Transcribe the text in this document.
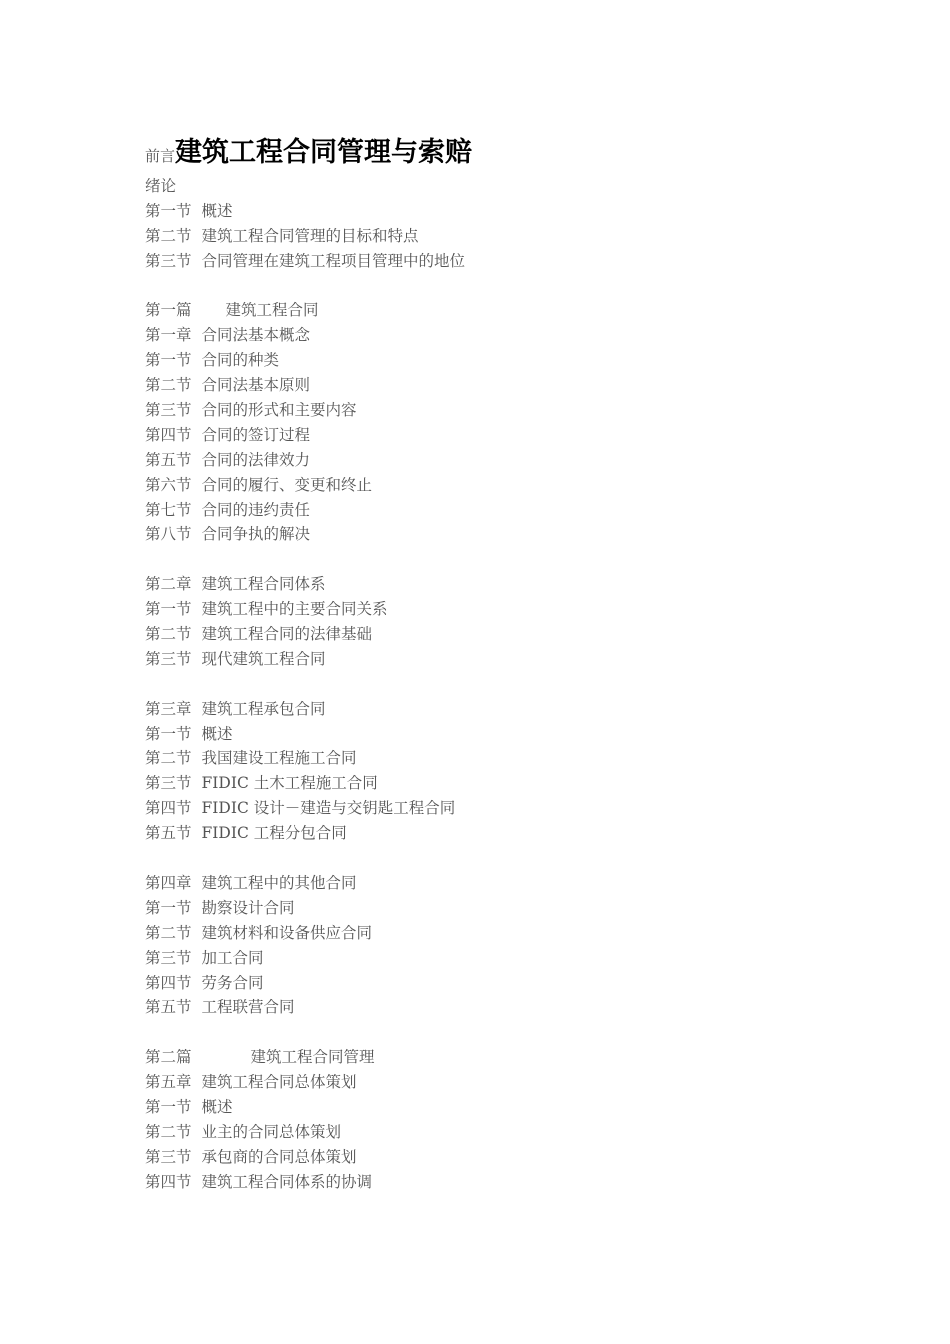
前言 建筑工程合同管理与索赔
绪论
第一节 概述
第二节 建筑工程合同管理的目标和特点
第三节 合同管理在建筑工程项目管理中的地位
第一篇 建筑工程合同
第一章 合同法基本概念
第一节 合同的种类
第二节 合同法基本原则
第三节 合同的形式和主要内容
第四节 合同的签订过程
第五节 合同的法律效力
第六节 合同的履行、变更和终止
第七节 合同的违约责任
第八节 合同争执的解决
第二章 建筑工程合同体系
第一节 建筑工程中的主要合同关系
第二节 建筑工程合同的法律基础
第三节 现代建筑工程合同
第三章 建筑工程承包合同
第一节 概述
第二节 我国建设工程施工合同
第三节 FIDIC 土木工程施工合同
第四节 FIDIC 设计－建造与交钥匙工程合同
第五节 FIDIC 工程分包合同
第四章 建筑工程中的其他合同
第一节 勘察设计合同
第二节 建筑材料和设备供应合同
第三节 加工合同
第四节 劳务合同
第五节 工程联营合同
第二篇	建筑工程合同管理
第五章 建筑工程合同总体策划
第一节 概述
第二节 业主的合同总体策划
第三节 承包商的合同总体策划
第四节 建筑工程合同体系的协调
